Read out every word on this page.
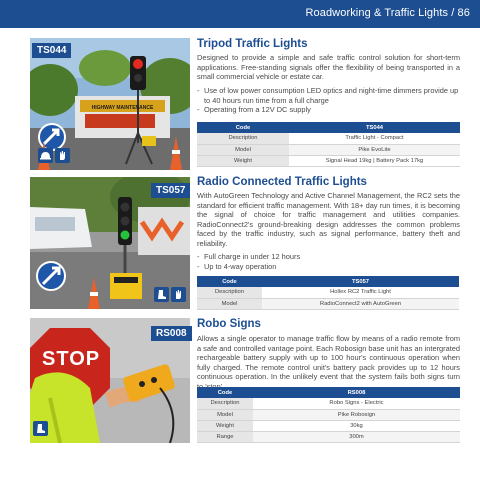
Roadworking & Traffic Lights / 86
HIGHWAY MAINTENANCE
TS044
Tripod Traffic Lights
Designed to provide a simple and safe traffic control solution for short-term applications. Free-standing signals offer the flexibility of being transported in a small commercial vehicle or estate car.
- Use of low power consumption LED optics and night-time dimmers provide up to 40 hours run time from a full charge
- Operating from a 12V DC supply
Code	TS044
Description	Traffic Light - Compact
Model	Pike EvoLite
Weight	Signal Head 19kg | Battery Pack 17kg
TS057
Radio Connected Traffic Lights
With AutoGreen Technology and Active Channel Management, the RC2 sets the standard for efficient traffic management. With 18+ day run times, it is becoming the signal of choice for traffic management and utilities companies. RadioConnect2's ground-breaking design addresses the common problems faced by the traffic industry, such as signal performance, battery theft and reliability.
- Full charge in under 12 hours
- Up to 4-way operation
Code	TS057
Description	Hollex RC2 Traffic Light
Model	RadioConnect2 with AutoGreen
STOP
RS008
Robo Signs
Allows a single operator to manage traffic flow by means of a radio remote from a safe and controlled vantage point. Each Robosign base unit has an intergrated rechargeable battery supply with up to 100 hour's continuous operation when fully charged. The remote control unit's battery pack provides up to 12 hours continuous operation. In the unlikely event that the system fails both signs turn
Code	RS008
Description	Robo Signs - Electric
Model	Pike Robosign
Weight	30kg
Range	300m
